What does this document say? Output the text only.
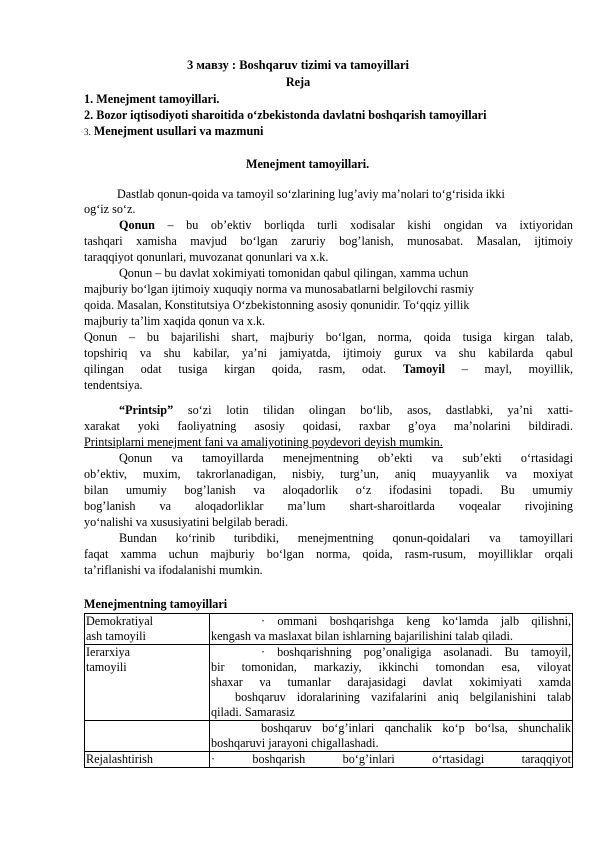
3 мавзу : Boshqaruv tizimi va tamoyillari
Reja
1. Menejment tamoyillari.
2. Bozor iqtisodiyoti sharoitida o‘zbekistonda davlatni boshqarish tamoyillari
3. Menejment usullari va mazmuni
Menejment tamoyillari.
Dastlab qonun-qoida va tamoyil so‘zlarining lug’aviy ma’nolari to‘g‘risida ikki
og‘iz so‘z.
Qonun – bu ob’ektiv borliqda turli xodisalar kishi ongidan va ixtiyoridan
tashqari xamisha mavjud bo‘lgan zaruriy bog’lanish, munosabat. Masalan, ijtimoiy
taraqqiyot qonunlari, muvozanat qonunlari va x.k.
Qonun – bu davlat xokimiyati tomonidan qabul qilingan, xamma uchun
majburiy bo‘lgan ijtimoiy xuquqiy norma va munosabatlarni belgilovchi rasmiy
qoida. Masalan, Konstitutsiya O‘zbekistonning asosiy qonunidir. To‘qqiz yillik
majburiy ta’lim xaqida qonun va x.k.
Qonun – bu bajarilishi shart, majburiy bo‘lgan, norma, qoida tusiga kirgan talab,
topshiriq va shu kabilar, ya’ni jamiyatda, ijtimoiy gurux va shu kabilarda qabul
qilingan odat tusiga kirgan qoida, rasm, odat. Tamoyil – mayl, moyillik,
tendentsiya.
“Printsip” so‘zi lotin tilidan olingan bo‘lib, asos, dastlabki, ya’ni xatti-
xarakat yoki faoliyatning asosiy qoidasi, raxbar g’oya ma’nolarini bildiradi.
Printsiplarni menejment fani va amaliyotining poydevori deyish mumkin.
Qonun va tamoyillarda menejmentning ob’ekti va sub’ekti o‘rtasidagi
ob’ektiv, muxim, takrorlanadigan, nisbiy, turg’un, aniq muayyanlik va moxiyat
bilan umumiy bog’lanish va aloqadorlik o‘z ifodasini topadi. Bu umumiy
bog’lanish va aloqadorliklar ma’lum shart-sharoitlarda voqealar rivojining
yo‘nalishi va xususiyatini belgilab beradi.
Bundan ko‘rinib turibdiki, menejmentning qonun-qoidalari va tamoyillari
faqat xamma uchun majburiy bo‘lgan norma, qoida, rasm-rusum, moyilliklar orqali
ta’riflanishi va ifodalanishi mumkin.
Menejmentning tamoyillari
Demokratiyal
ash tamoyili	· ommani boshqarishga keng ko‘lamda jalb qilishni,
kengash va maslaxat bilan ishlarning bajarilishini talab qiladi.

Ierarxiya
tamoyili	· boshqarishning pog’onaligiga asolanadi. Bu tamoyil,
bir tomonidan, markaziy, ikkinchi tomondan esa, viloyat
shaxar va tumanlar darajasidagi davlat xokimiyati xamda
boshqaruv idoralarining vazifalarini aniq belgilanishini talab
qiladi. Samarasiz

	boshqaruv bo‘g’inlari qanchalik ko‘p bo‘lsa, shunchalik
boshqaruvi jarayoni chigallashadi.

Rejalashtirish	· boshqarish bo‘g’inlari o‘rtasidagi taraqqiyot
